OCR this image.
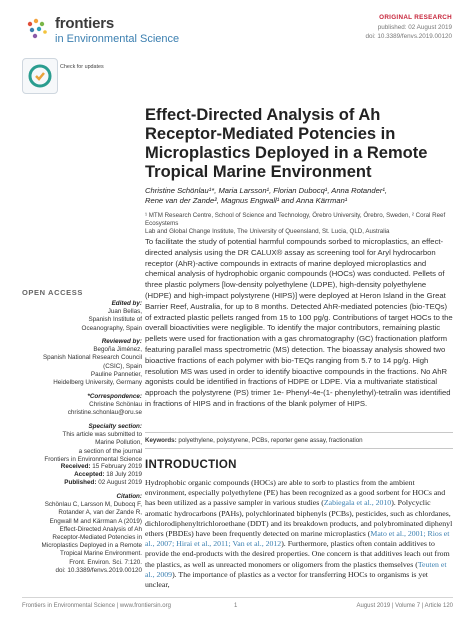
frontiers
in Environmental Science
ORIGINAL RESEARCH
published: 02 August 2019
doi: 10.3389/fenvs.2019.00120
Check for updates
OPEN ACCESS
Edited by:
Juan Bellas,
Spanish Institute of
Oceanography, Spain
Reviewed by:
Begoña Jiménez,
Spanish National Research Council
(CSIC), Spain
Pauline Pannetier,
Heidelberg University, Germany
*Correspondence:
Christine Schönlau
christine.schonlau@oru.se
Specialty section:
This article was submitted to
Marine Pollution,
a section of the journal
Frontiers in Environmental Science
Received: 15 February 2019
Accepted: 18 July 2019
Published: 02 August 2019
Citation:
Schönlau C, Larsson M, Dubocq F,
Rotander A, van der Zande R,
Engwall M and Kärrman A (2019)
Effect-Directed Analysis of Ah
Receptor-Mediated Potencies in
Microplastics Deployed in a Remote
Tropical Marine Environment.
Front. Environ. Sci. 7:120.
doi: 10.3389/fenvs.2019.00120
Effect-Directed Analysis of Ah
Receptor-Mediated Potencies in
Microplastics Deployed in a Remote
Tropical Marine Environment
Christine Schönlau¹*, Maria Larsson¹, Florian Dubocq¹, Anna Rotander¹,
Rene van der Zande², Magnus Engwall¹ and Anna Kärrman¹
¹ MTM Research Centre, School of Science and Technology, Örebro University, Örebro, Sweden, ² Coral Reef Ecosystems
Lab and Global Change Institute, The University of Queensland, St. Lucia, QLD, Australia
To facilitate the study of potential harmful compounds sorbed to microplastics, an effect-directed analysis using the DR CALUX® assay as screening tool for Aryl hydrocarbon receptor (AhR)-active compounds in extracts of marine deployed microplastics and chemical analysis of hydrophobic organic compounds (HOCs) was conducted. Pellets of three plastic polymers [low-density polyethylene (LDPE), high-density polyethylene (HDPE) and high-impact polystyrene (HIPS)] were deployed at Heron Island in the Great Barrier Reef, Australia, for up to 8 months. Detected AhR-mediated potencies (bio-TEQs) of extracted plastic pellets ranged from 15 to 100 pg/g. Contributions of target HOCs to the overall bioactivities were negligible. To identify the major contributors, remaining plastic pellets were used for fractionation with a gas chromatography (GC) fractionation platform featuring parallel mass spectrometric (MS) detection. The bioassay analysis showed two bioactive fractions of each polymer with bio-TEQs ranging from 5.7 to 14 pg/g. High resolution MS was used in order to identify bioactive compounds in the fractions. No AhR agonists could be identified in fractions of HDPE or LDPE. Via a multivariate statistical approach the polystyrene (PS) trimer 1e- Phenyl-4e-(1- phenylethyl)-tetralin was identified in fractions of HIPS and in fractions of the blank polymer of HIPS.
Keywords: polyethylene, polystyrene, PCBs, reporter gene assay, fractionation
INTRODUCTION
Hydrophobic organic compounds (HOCs) are able to sorb to plastics from the ambient environment, especially polyethylene (PE) has been recognized as a good sorbent for HOCs and has been utilized as a passive sampler in various studies (Zabiegala et al., 2010). Polycyclic aromatic hydrocarbons (PAHs), polychlorinated biphenyls (PCBs), pesticides, such as chlordanes, dichlorodiphenyltrichloroethane (DDT) and its breakdown products, and polybrominated diphenyl ethers (PBDEs) have been frequently detected on marine microplastics (Mato et al., 2001; Rios et al., 2007; Hirai et al., 2011; Van et al., 2012). Furthermore, plastics often contain additives to provide the end-products with the desired properties. One concern is that additives leach out from the plastics, as well as unreacted monomers or oligomers from the plastics themselves (Teuten et al., 2009). The importance of plastics as a vector for transferring HOCs to organisms is yet unclear,
Frontiers in Environmental Science | www.frontiersin.org	1	August 2019 | Volume 7 | Article 120
